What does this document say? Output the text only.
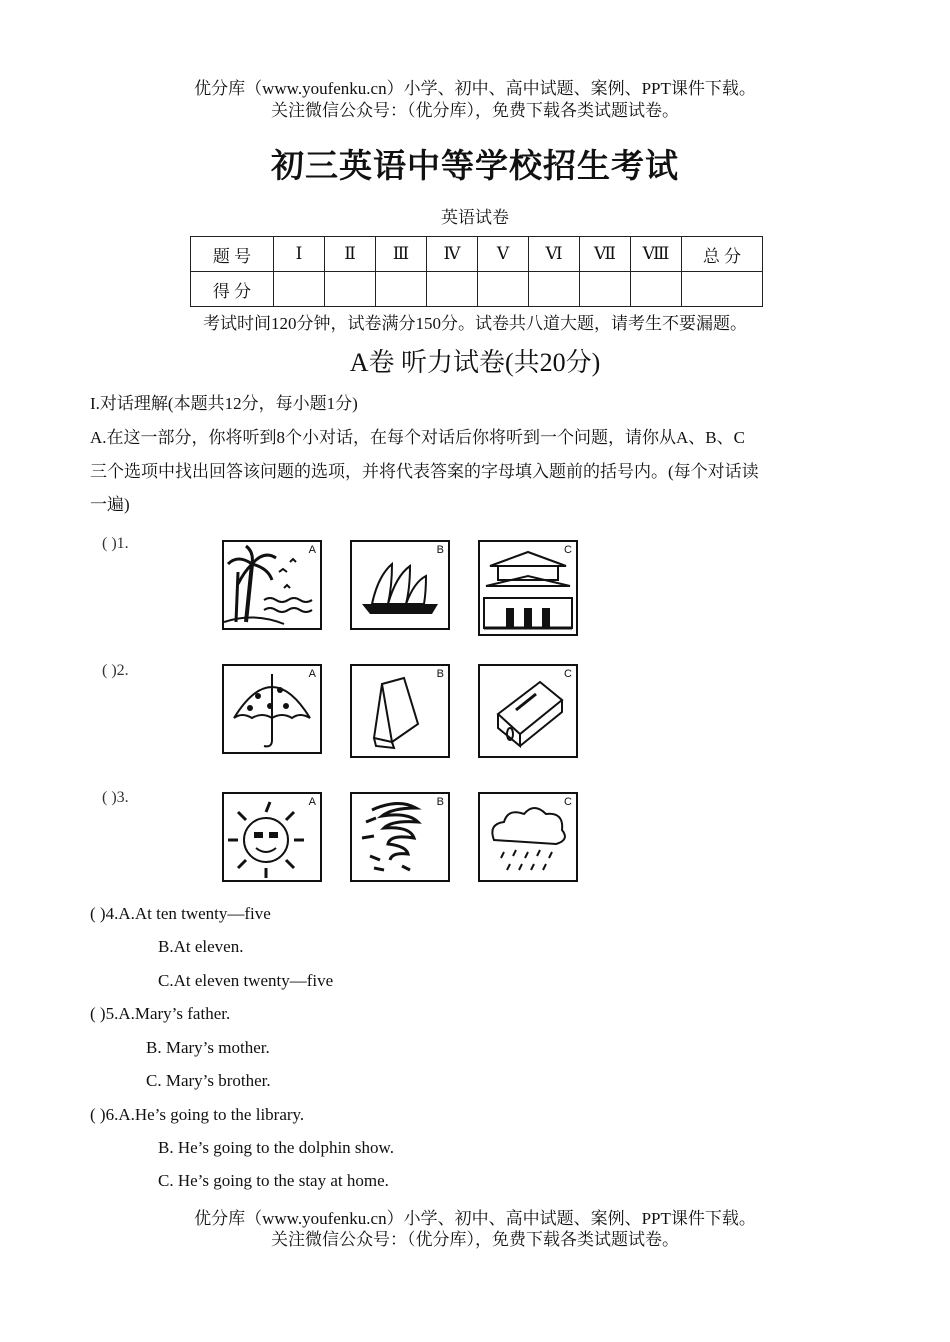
优分库（www.youfenku.cn）小学、初中、高中试题、案例、PPT课件下载。
关注微信公众号：（优分库），免费下载各类试题试卷。
初三英语中等学校招生考试
英语试卷
题 号	Ⅰ	Ⅱ	Ⅲ	Ⅳ	Ⅴ	Ⅵ	Ⅶ	Ⅷ	总 分
得 分									
考试时间120分钟，试卷满分150分。试卷共八道大题，请考生不要漏题。
A卷 听力试卷(共20分)
I.对话理解(本题共12分，每小题1分)
A.在这一部分，你将听到8个小对话，在每个对话后你将听到一个问题，请你从A、B、C
三个选项中找出回答该问题的选项，并将代表答案的字母填入题前的括号内。(每个对话读
一遍)
( )1.
( )2.
( )3.
A	B	C
A	B	C
A	B	C
( )4.A.At ten twenty—five
B.At eleven.
C.At eleven twenty—five
( )5.A.Mary’s father.
B. Mary’s mother.
C. Mary’s brother.
( )6.A.He’s going to the library.
B. He’s going to the dolphin show.
C. He’s going to the stay at home.
优分库（www.youfenku.cn）小学、初中、高中试题、案例、PPT课件下载。
关注微信公众号：（优分库），免费下载各类试题试卷。
